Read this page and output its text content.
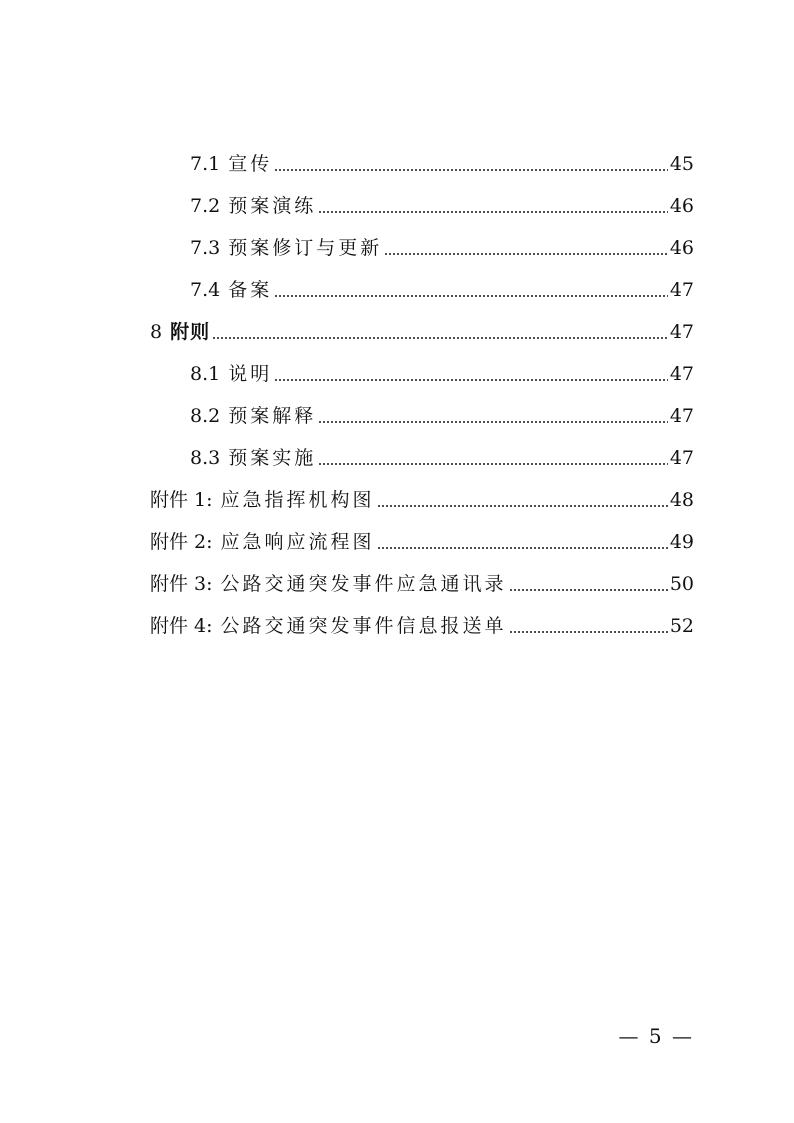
7.1 宣传	45
7.2 预案演练	46
7.3 预案修订与更新	46
7.4 备案	47
8 附则	47
8.1 说明	47
8.2 预案解释	47
8.3 预案实施	47
附件 1: 应急指挥机构图	48
附件 2: 应急响应流程图	49
附件 3: 公路交通突发事件应急通讯录	50
附件 4: 公路交通突发事件信息报送单	52
— 5 —
